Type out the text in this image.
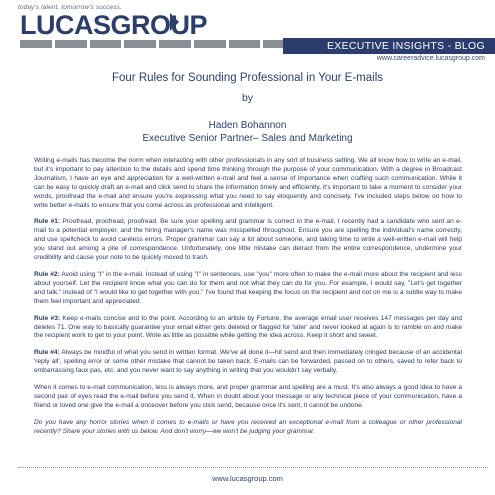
today's talent. tomorrow's success.
LUCASGROUP
EXECUTIVE INSIGHTS - BLOG
www.careeradvice.lucasgroup.com
Four Rules for Sounding Professional in Your E-mails
by
Haden Bohannon
Executive Senior Partner– Sales and Marketing

Writing e-mails has become the norm when interacting with other professionals in any sort of business setting. We all know how to write an e-mail, but it's important to pay attention to the details and spend time thinking through the purpose of your communication. With a degree in Broadcast Journalism, I have an eye and appreciation for a well-written e-mail and feel a sense of importance when crafting such communication. While it can be easy to quickly draft an e-mail and click send to share the information timely and efficiently, it's important to take a moment to consider your words, proofread the e-mail and ensure you're expressing what you need to say eloquently and concisely. I've included steps below on how to write better e-mails to ensure that you come across as professional and intelligent.

Rule #1: Proofread, proofread, proofread. Be sure your spelling and grammar is correct in the e-mail. I recently had a candidate who sent an e-mail to a potential employer, and the hiring manager's name was misspelled throughout. Ensure you are spelling the individual's name correctly, and use spellcheck to avoid careless errors. Proper grammar can say a lot about someone, and taking time to write a well-written e-mail will help you stand out among a pile of correspondence. Unfortunately, one little mistake can detract from the entire correspondence, undermine your credibility and cause your note to be quickly moved to trash.

Rule #2: Avoid using "I" in the e-mail. Instead of using "I" in sentences, use "you" more often to make the e-mail more about the recipient and less about yourself. Let the recipient know what you can do for them and not what they can do for you. For example, I would say, "Let's get together and talk." instead of "I would like to get together with you." I've found that keeping the focus on the recipient and not on me is a subtle way to make them feel important and appreciated.

Rule #3: Keep e-mails concise and to the point. According to an article by Fortune, the average email user receives 147 messages per day and deletes 71. One way to basically guarantee your email either gets deleted or flagged for 'later' and never looked at again is to ramble on and make the recipient work to get to your point. Write as little as possible while getting the idea across. Keep it short and sweet.

Rule #4: Always be mindful of what you send in written format. We've all done it—hit send and then immediately cringed because of an accidental 'reply all', spelling error or some other mistake that cannot be taken back. E-mails can be forwarded, passed on to others, saved to refer back to embarrassing faux pas, etc. and you never want to say anything in writing that you wouldn't say verbally.

When it comes to e-mail communication, less is always more, and proper grammar and spelling are a must. It's also always a good idea to have a second pair of eyes read the e-mail before you send it. When in doubt about your message or any technical piece of your communication, have a friend or loved one give the e-mail a onceover before you click send, because once it's sent, it cannot be undone.

Do you have any horror stories when it comes to e-mails or have you received an exceptional e-mail from a colleague or other professional recently? Share your stories with us below. And don't worry—we won't be judging your grammar.

www.lucasgroup.com
